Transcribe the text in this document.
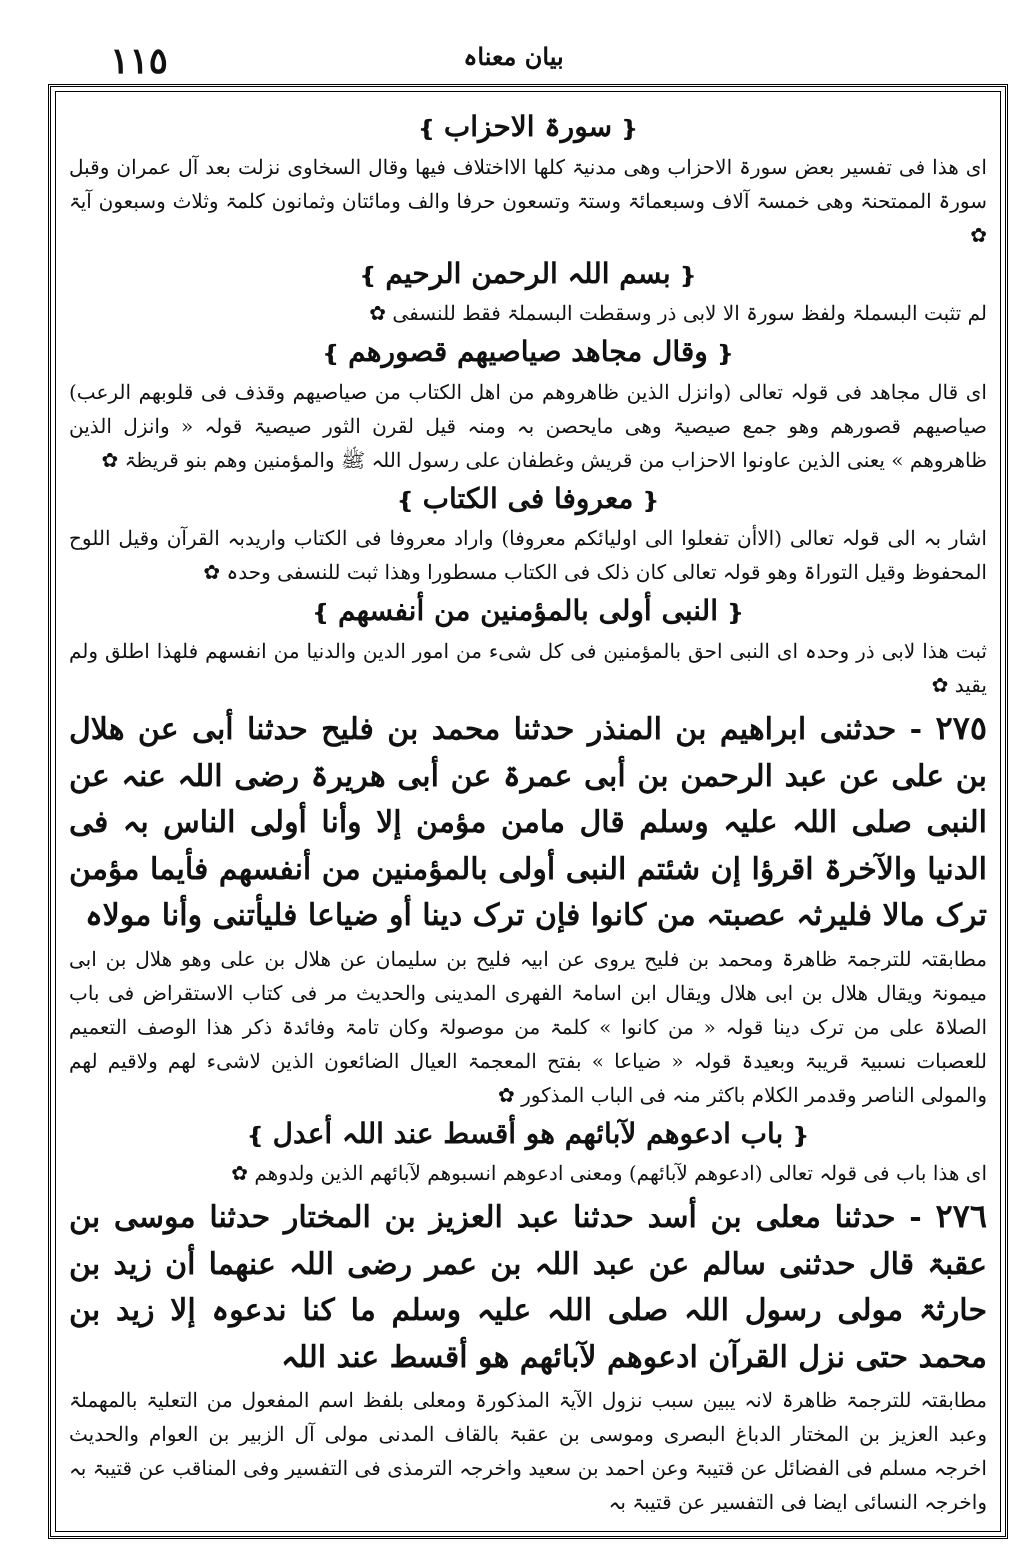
١١٥	بیان معناہ
❴سورۃ الاحزاب❵

ای ھذا فی تفسیر بعض سورۃ الاحزاب وھی مدنیۃ کلھا الااختلاف فیھا وقال السخاوی نزلت بعد آل عمران وقبل سورۃ الممتحنۃ وھی خمسۃ آلاف وسبعمائۃ وستۃ وتسعون حرفا والف ومائتان وثمانون کلمۃ وثلاث وسبعون آیۃ ✿

❴بسم اللہ الرحمن الرحیم❵

لم تثبت البسملۃ ولفظ سورۃ الا لابی ذر وسقطت البسملۃ فقط للنسفی ✿

❴وقال مجاھد صیاصیھم قصورھم❵

ای قال مجاھد فی قولہ تعالی (وانزل الذین ظاھروھم من اھل الکتاب من صیاصیھم وقذف فی قلوبھم الرعب) صیاصیھم قصورھم وھو جمع صیصیۃ وھی مایحصن بہ ومنہ قیل لقرن الثور صیصیۃ قولہ « وانزل الذین ظاھروھم » یعنی الذین عاونوا الاحزاب من قریش وغطفان علی رسول اللہ ﷺ والمؤمنین وھم بنو قریظۃ ✿

❴معروفا فی الکتاب❵

اشار بہ الی قولہ تعالی (الاأن تفعلوا الی اولیائکم معروفا) واراد معروفا فی الکتاب واریدبہ القرآن وقیل اللوح المحفوظ وقیل التوراۃ وھو قولہ تعالی کان ذلک فی الکتاب مسطورا وھذا ثبت للنسفی وحدہ ✿

❴النبی أولی بالمؤمنین من أنفسھم❵

ثبت ھذا لابی ذر وحدہ ای النبی احق بالمؤمنین فی کل شیء من امور الدین والدنیا من انفسھم فلھذا اطلق ولم یقید ✿

٢٧٥ - حدثنی ابراھیم بن المنذر حدثنا محمد بن فلیح حدثنا أبی عن ھلال بن علی عن عبد الرحمن بن أبی عمرۃ عن أبی ھریرۃ رضی اللہ عنہ عن النبی صلی اللہ علیہ وسلم قال مامن مؤمن إلا وأنا أولی الناس بہ فی الدنیا والآخرۃ اقرؤا إن شئتم النبی أولی بالمؤمنین من أنفسھم فأیما مؤمن ترک مالا فلیرثہ عصبتہ من کانوا فإن ترک دینا أو ضیاعا فلیأتنی وأنا مولاہ

مطابقتہ للترجمۃ ظاھرۃ ومحمد بن فلیح یروی عن ابیہ فلیح بن سلیمان عن ھلال بن علی وھو ھلال بن ابی میمونۃ ویقال ھلال بن ابی ھلال ویقال ابن اسامۃ الفھری المدینی والحدیث مر فی کتاب الاستقراض فی باب الصلاۃ علی من ترک دینا قولہ « من کانوا » کلمۃ من موصولۃ وکان تامۃ وفائدۃ ذکر ھذا الوصف التعمیم للعصبات نسبیۃ قریبۃ وبعیدۃ قولہ « ضیاعا » بفتح المعجمۃ العیال الضائعون الذین لاشیء لھم ولاقیم لھم والمولی الناصر وقدمر الکلام باکثر منہ فی الباب المذکور ✿

❴باب ادعوھم لآبائھم ھو أقسط عند اللہ أعدل❵

ای ھذا باب فی قولہ تعالی (ادعوھم لآبائھم) ومعنی ادعوھم انسبوھم لآبائھم الذین ولدوھم ✿

٢٧٦ - حدثنا معلی بن أسد حدثنا عبد العزیز بن المختار حدثنا موسی بن عقبۃ قال حدثنی سالم عن عبد اللہ بن عمر رضی اللہ عنھما أن زید بن حارثۃ مولی رسول اللہ صلی اللہ علیہ وسلم ما کنا ندعوہ إلا زید بن محمد حتی نزل القرآن ادعوھم لآبائھم ھو أقسط عند اللہ

مطابقتہ للترجمۃ ظاھرۃ لانہ یبین سبب نزول الآیۃ المذکورۃ ومعلی بلفظ اسم المفعول من التعلیۃ بالمھملۃ وعبد العزیز بن المختار الدباغ البصری وموسی بن عقبۃ بالقاف المدنی مولی آل الزبیر بن العوام والحدیث اخرجہ مسلم فی الفضائل عن قتیبۃ وعن احمد بن سعید واخرجہ الترمذی فی التفسیر وفی المناقب عن قتیبۃ بہ واخرجہ النسائی ایضا فی التفسیر عن قتیبۃ بہ
